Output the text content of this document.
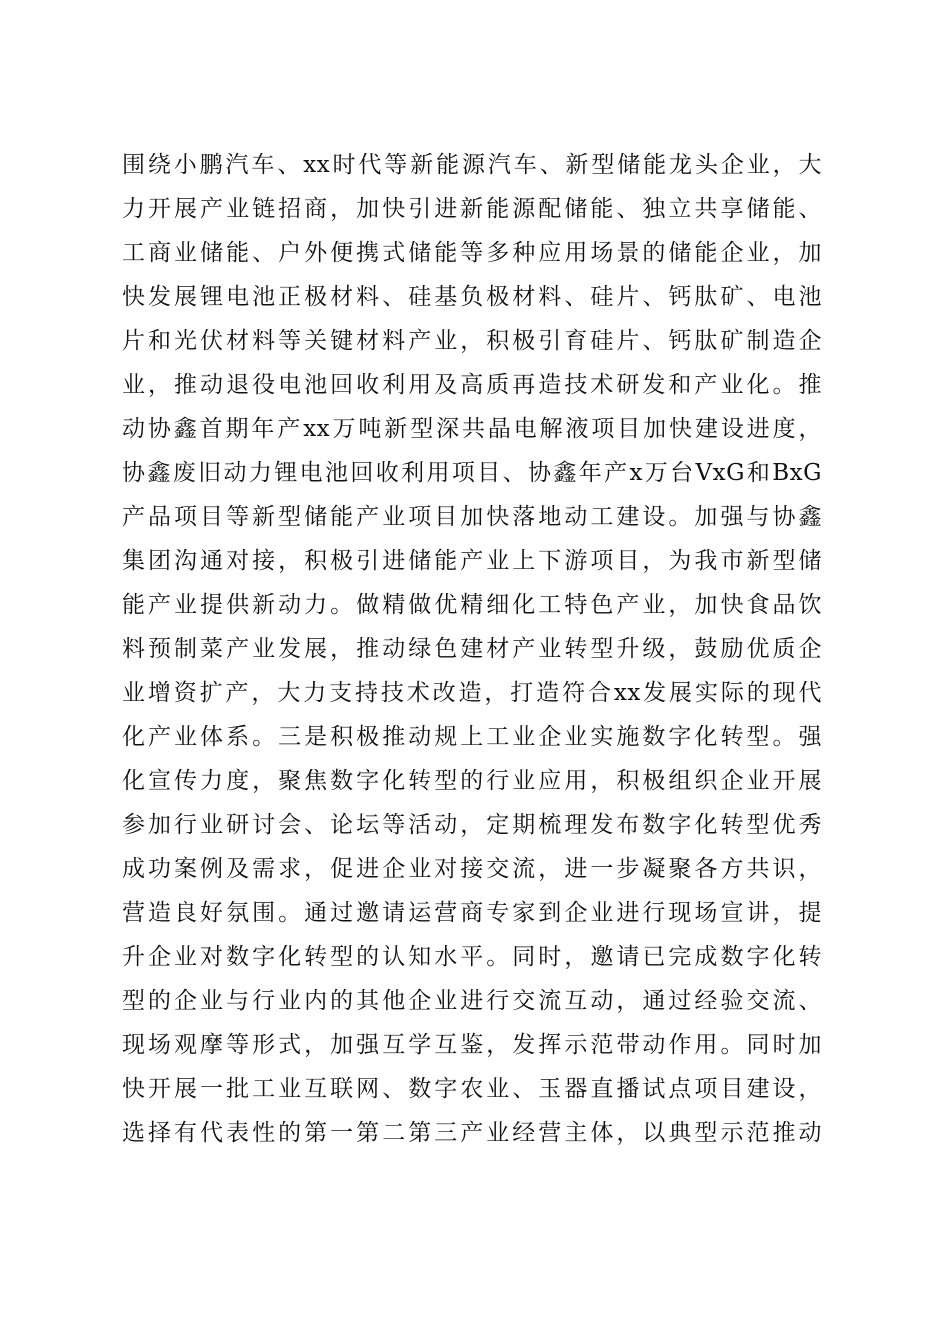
围绕小鹏汽车、xx时代等新能源汽车、新型储能龙头企业，大
力开展产业链招商，加快引进新能源配储能、独立共享储能、
工商业储能、户外便携式储能等多种应用场景的储能企业，加
快发展锂电池正极材料、硅基负极材料、硅片、钙肽矿、电池
片和光伏材料等关键材料产业，积极引育硅片、钙肽矿制造企
业，推动退役电池回收利用及高质再造技术研发和产业化。推
动协鑫首期年产xx万吨新型深共晶电解液项目加快建设进度，
协鑫废旧动力锂电池回收利用项目、协鑫年产x万台VxG和BxG
产品项目等新型储能产业项目加快落地动工建设。加强与协鑫
集团沟通对接，积极引进储能产业上下游项目，为我市新型储
能产业提供新动力。做精做优精细化工特色产业，加快食品饮
料预制菜产业发展，推动绿色建材产业转型升级，鼓励优质企
业增资扩产，大力支持技术改造，打造符合xx发展实际的现代
化产业体系。三是积极推动规上工业企业实施数字化转型。强
化宣传力度，聚焦数字化转型的行业应用，积极组织企业开展
参加行业研讨会、论坛等活动，定期梳理发布数字化转型优秀
成功案例及需求，促进企业对接交流，进一步凝聚各方共识，
营造良好氛围。通过邀请运营商专家到企业进行现场宣讲，提
升企业对数字化转型的认知水平。同时，邀请已完成数字化转
型的企业与行业内的其他企业进行交流互动，通过经验交流、
现场观摩等形式，加强互学互鉴，发挥示范带动作用。同时加
快开展一批工业互联网、数字农业、玉器直播试点项目建设，
选择有代表性的第一第二第三产业经营主体，以典型示范推动
